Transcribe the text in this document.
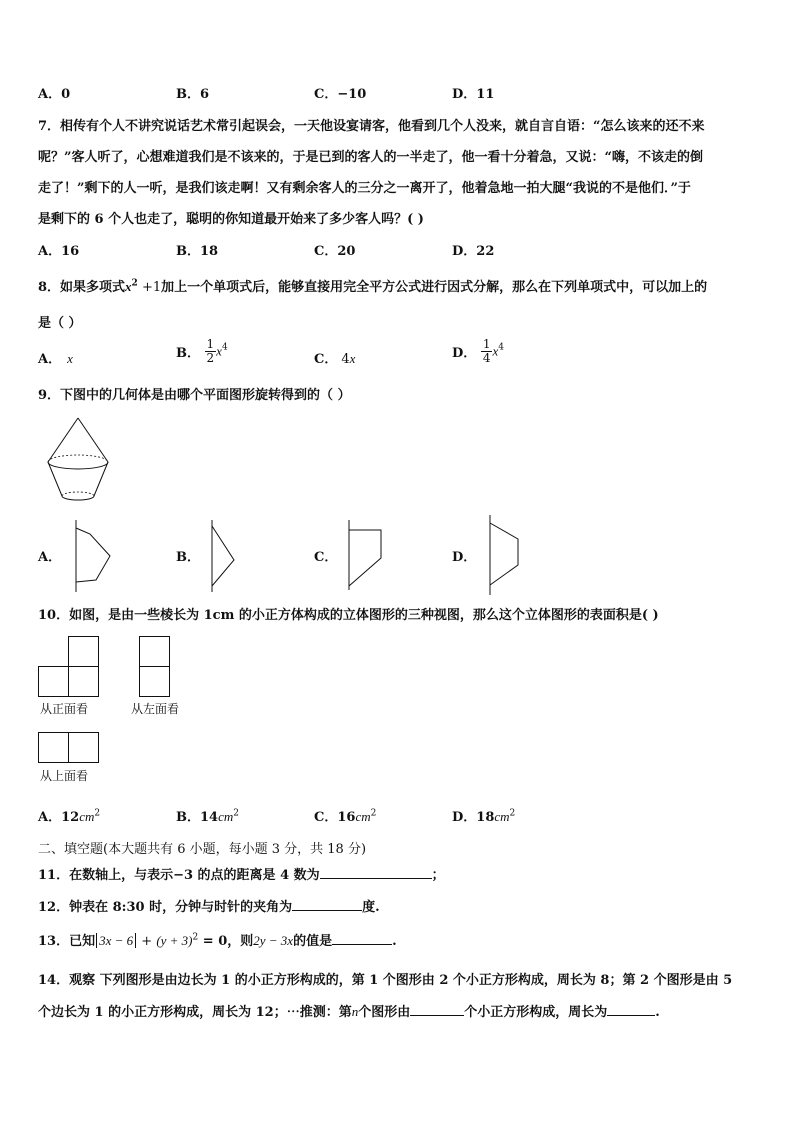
A．0	B．6	C．−10	D．11
7．相传有个人不讲究说话艺术常引起误会，一天他设宴请客，他看到几个人没来，就自言自语：“怎么该来的还不来
呢？”客人听了，心想难道我们是不该来的，于是已到的客人的一半走了，他一看十分着急，又说：“嗨，不该走的倒
走了！”剩下的人一听，是我们该走啊！又有剩余客人的三分之一离开了，他着急地一拍大腿“我说的不是他们．”于
是剩下的 6 个人也走了，聪明的你知道最开始来了多少客人吗？( )
A．16	B．18	C．20	D．22
8．如果多项式$x^2 +1$加上一个单项式后，能够直接用完全平方公式进行因式分解，那么在下列单项式中，可以加上的
是（ ）
A． x	B． $\frac{1}{2} x^4$
C． 4x	D． $\frac{1}{4} x^4$
9．下图中的几何体是由哪个平面图形旋转得到的（ ）
A．	B．	C．	D．
10．如图，是由一些棱长为 1cm 的小正方体构成的立体图形的三种视图，那么这个立体图形的表面积是( )
从正面看	从左面看
从上面看
A．$12cm^2$	B．$14cm^2$	C．$16cm^2$	D．$18cm^2$
二、填空题(本大题共有 6 小题，每小题 3 分，共 18 分)
11．在数轴上，与表示−3 的点的距离是 4 数为	；
12．钟表在 8:30 时，分钟与时针的夹角为	度.
13．已知 $3x - 6 + (y + 3)^2 = 0$，则2y − 3x的值是	.
14．观察 下列图形是由边长为 1 的小正方形构成的，第 1 个图形由 2 个小正方形构成，周长为 8；第 2 个图形是由 5
个边长为 1 的小正方形构成，周长为 12；⋯推测：第n个图形由	个小正方形构成，周长为	.
